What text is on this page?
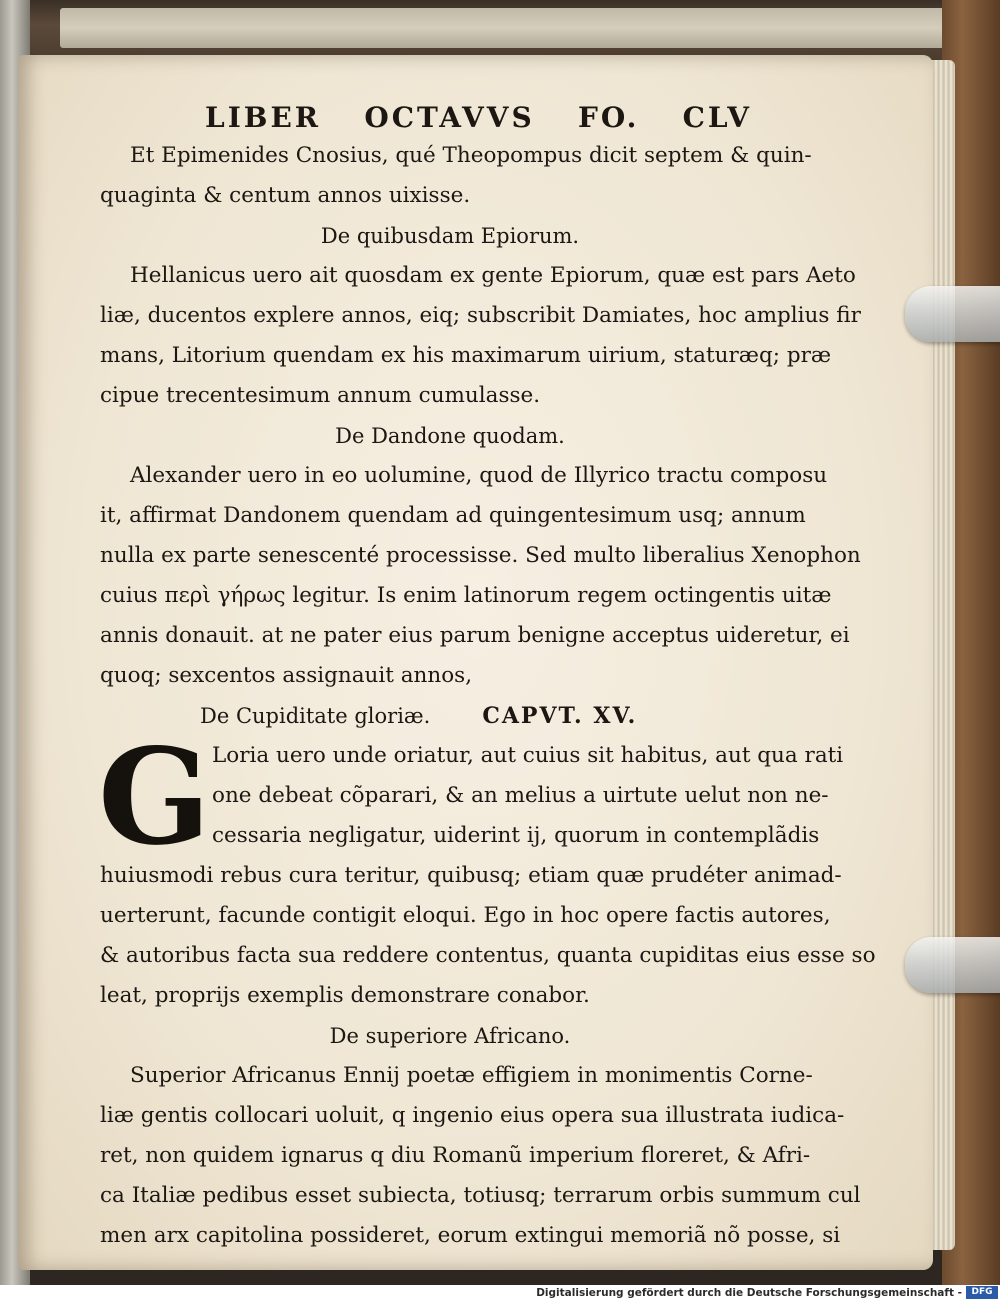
LIBER OCTAVVS FO. CLV
Et Epimenides Cnosius, qué Theopompus dicit septem & quin-
quaginta & centum annos uixisse.
De quibusdam Epiorum.
Hellanicus uero ait quosdam ex gente Epiorum, quæ est pars Aeto
liæ, ducentos explere annos, eiq; subscribit Damiates, hoc amplius fir
mans, Litorium quendam ex his maximarum uirium, staturæq; præ
cipue trecentesimum annum cumulasse.
De Dandone quodam.
Alexander uero in eo uolumine, quod de Illyrico tractu composu
it, affirmat Dandonem quendam ad quingentesimum usq; annum
nulla ex parte senescenté processisse. Sed multo liberalius Xenophon
cuius περὶ γήρως legitur. Is enim latinorum regem octingentis uitæ
annis donauit. at ne pater eius parum benigne acceptus uideretur, ei
quoq; sexcentos assignauit annos,
De Cupiditate gloriæ. CAPVT. XV.
G Loria uero unde oriatur, aut cuius sit habitus, aut qua rati
one debeat cõparari, & an melius a uirtute uelut non ne-
cessaria negligatur, uiderint ij, quorum in contemplãdis
huiusmodi rebus cura teritur, quibusq; etiam quæ prudéter animad-
uerterunt, facunde contigit eloqui. Ego in hoc opere factis autores,
& autoribus facta sua reddere contentus, quanta cupiditas eius esse so
leat, proprijs exemplis demonstrare conabor.
De superiore Africano.
Superior Africanus Ennij poetæ effigiem in monimentis Corne-
liæ gentis collocari uoluit, q ingenio eius opera sua illustrata iudica-
ret, non quidem ignarus q diu Romanũ imperium floreret, & Afri-
ca Italiæ pedibus esset subiecta, totiusq; terrarum orbis summum cul
men arx capitolina possideret, eorum extingui memoriã nõ posse, si
Digitalisierung gefördert durch die Deutsche Forschungsgemeinschaft -	DFG
